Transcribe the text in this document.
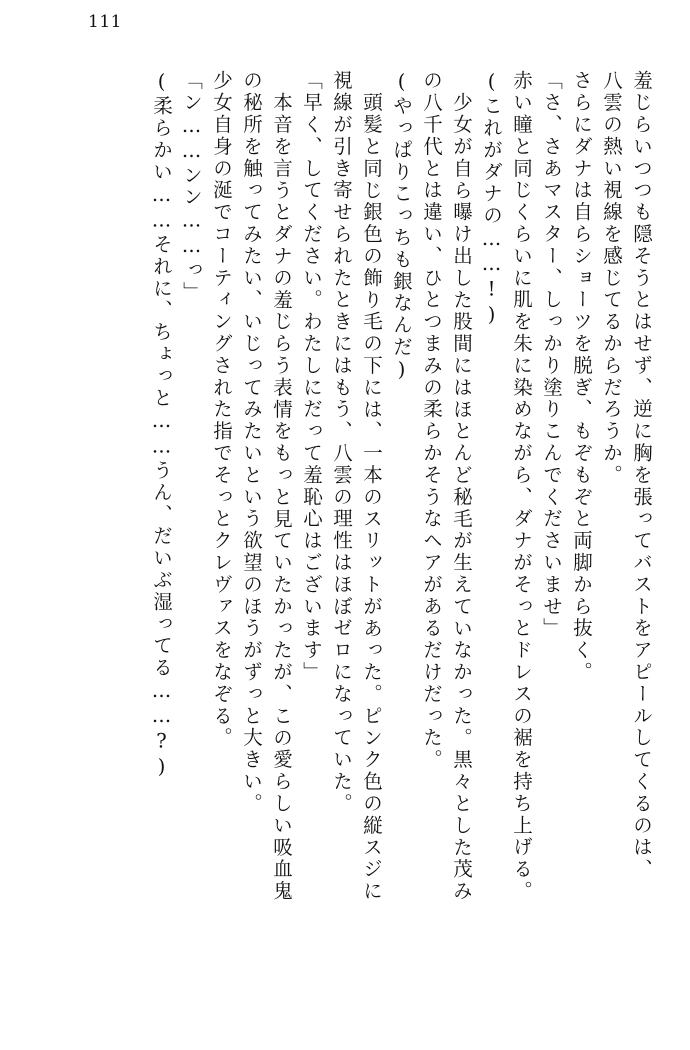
111
羞じらいつつも隠そうとはせず、逆に胸を張ってバストをアピールしてくるのは、
八雲の熱い視線を感じてるからだろうか。
さらにダナは自らショーツを脱ぎ、もぞもぞと両脚から抜く。
「さ、さあマスター、しっかり塗りこんでくださいませ」
赤い瞳と同じくらいに肌を朱に染めながら、ダナがそっとドレスの裾を持ち上げる。
(これがダナの……!)
少女が自ら曝け出した股間にはほとんど秘毛が生えていなかった。黒々とした茂み
の八千代とは違い、ひとつまみの柔らかそうなヘアがあるだけだった。
(やっぱりこっちも銀なんだ)
頭髪と同じ銀色の飾り毛の下には、一本のスリットがあった。ピンク色の縦スジに
視線が引き寄せられたときにはもう、八雲の理性はほぼゼロになっていた。
「早く、してください。わたしにだって羞恥心はございます」
本音を言うとダナの羞じらう表情をもっと見ていたかったが、この愛らしい吸血鬼
の秘所を触ってみたい、いじってみたいという欲望のほうがずっと大きい。
少女自身の涎でコーティングされた指でそっとクレヴァスをなぞる。
「ン……ンン……っ」
(柔らかい……それに、ちょっと……うん、だいぶ湿ってる……?)
